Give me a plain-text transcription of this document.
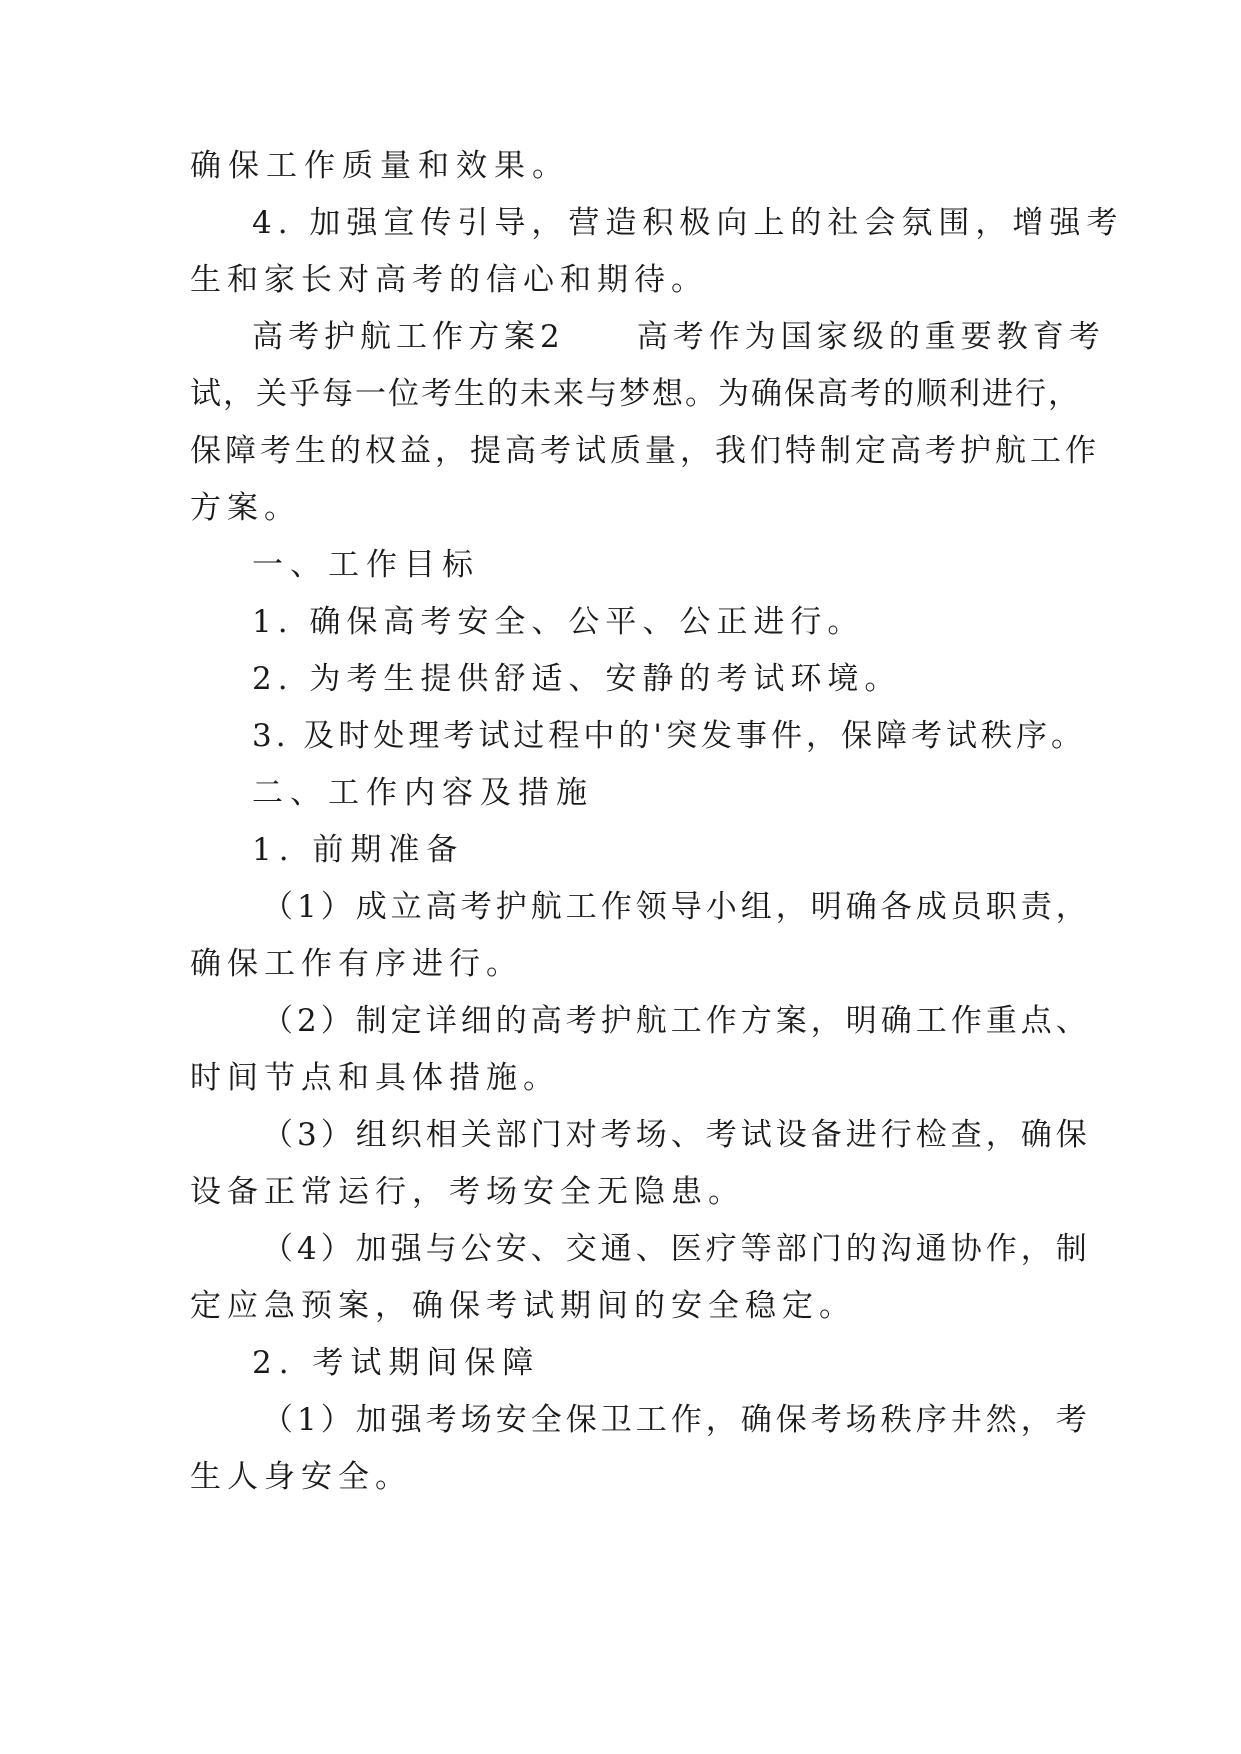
确保工作质量和效果。
4. 加强宣传引导，营造积极向上的社会氛围，增强考
生和家长对高考的信心和期待。
高考护航工作方案2　　高考作为国家级的重要教育考
试，关乎每一位考生的未来与梦想。为确保高考的顺利进行，
保障考生的权益，提高考试质量，我们特制定高考护航工作
方案。
一、工作目标
1. 确保高考安全、公平、公正进行。
2. 为考生提供舒适、安静的考试环境。
3. 及时处理考试过程中的'突发事件，保障考试秩序。
二、工作内容及措施
1. 前期准备
（1）成立高考护航工作领导小组，明确各成员职责，
确保工作有序进行。
（2）制定详细的高考护航工作方案，明确工作重点、
时间节点和具体措施。
（3）组织相关部门对考场、考试设备进行检查，确保
设备正常运行，考场安全无隐患。
（4）加强与公安、交通、医疗等部门的沟通协作，制
定应急预案，确保考试期间的安全稳定。
2. 考试期间保障
（1）加强考场安全保卫工作，确保考场秩序井然，考
生人身安全。
